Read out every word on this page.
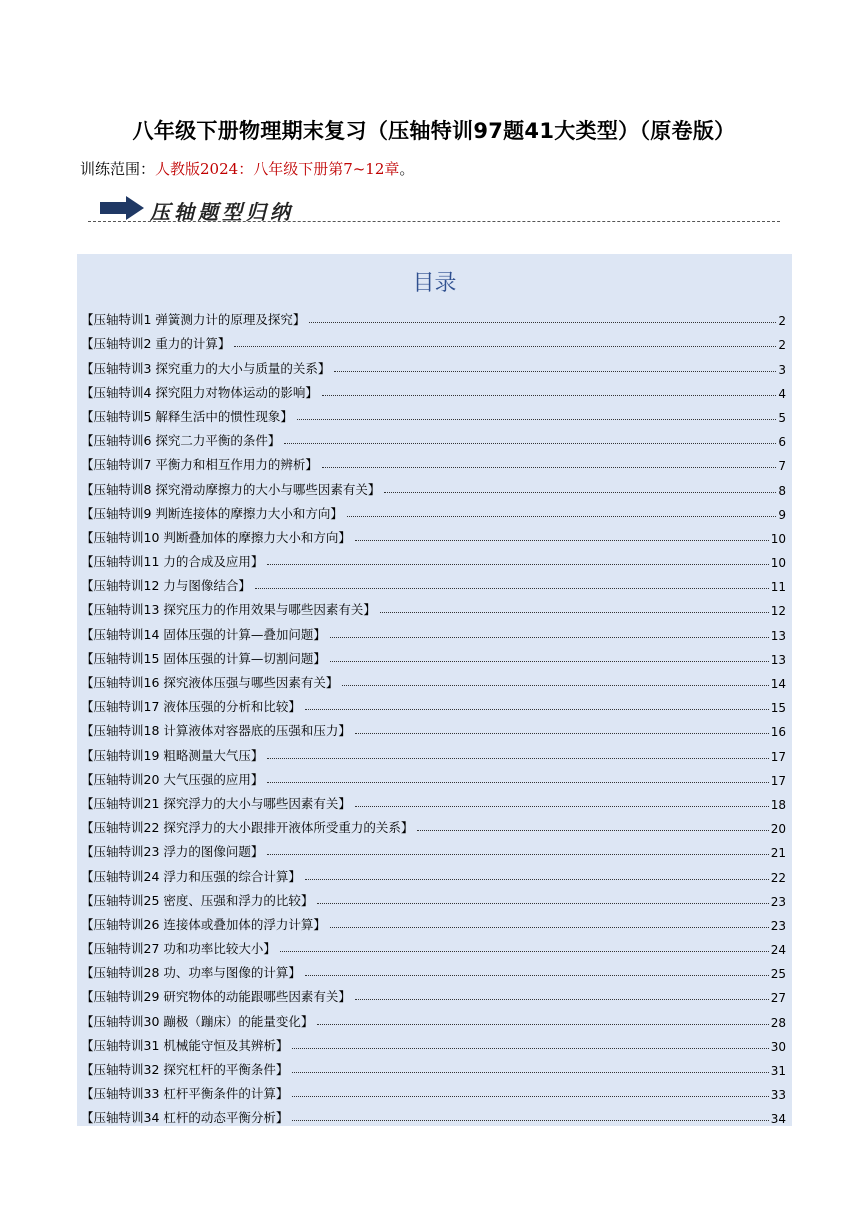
八年级下册物理期末复习（压轴特训97题41大类型）（原卷版）
训练范围：人教版2024：八年级下册第7~12章。
压轴题型归纳
目录
【压轴特训1 弹簧测力计的原理及探究】	2
【压轴特训2 重力的计算】	2
【压轴特训3 探究重力的大小与质量的关系】	3
【压轴特训4 探究阻力对物体运动的影响】	4
【压轴特训5 解释生活中的惯性现象】	5
【压轴特训6 探究二力平衡的条件】	6
【压轴特训7 平衡力和相互作用力的辨析】	7
【压轴特训8 探究滑动摩擦力的大小与哪些因素有关】	8
【压轴特训9 判断连接体的摩擦力大小和方向】	9
【压轴特训10 判断叠加体的摩擦力大小和方向】	10
【压轴特训11 力的合成及应用】	10
【压轴特训12 力与图像结合】	11
【压轴特训13 探究压力的作用效果与哪些因素有关】	12
【压轴特训14 固体压强的计算—叠加问题】	13
【压轴特训15 固体压强的计算—切割问题】	13
【压轴特训16 探究液体压强与哪些因素有关】	14
【压轴特训17 液体压强的分析和比较】	15
【压轴特训18 计算液体对容器底的压强和压力】	16
【压轴特训19 粗略测量大气压】	17
【压轴特训20 大气压强的应用】	17
【压轴特训21 探究浮力的大小与哪些因素有关】	18
【压轴特训22 探究浮力的大小跟排开液体所受重力的关系】	20
【压轴特训23 浮力的图像问题】	21
【压轴特训24 浮力和压强的综合计算】	22
【压轴特训25 密度、压强和浮力的比较】	23
【压轴特训26 连接体或叠加体的浮力计算】	23
【压轴特训27 功和功率比较大小】	24
【压轴特训28 功、功率与图像的计算】	25
【压轴特训29 研究物体的动能跟哪些因素有关】	27
【压轴特训30 蹦极（蹦床）的能量变化】	28
【压轴特训31 机械能守恒及其辨析】	30
【压轴特训32 探究杠杆的平衡条件】	31
【压轴特训33 杠杆平衡条件的计算】	33
【压轴特训34 杠杆的动态平衡分析】	34
